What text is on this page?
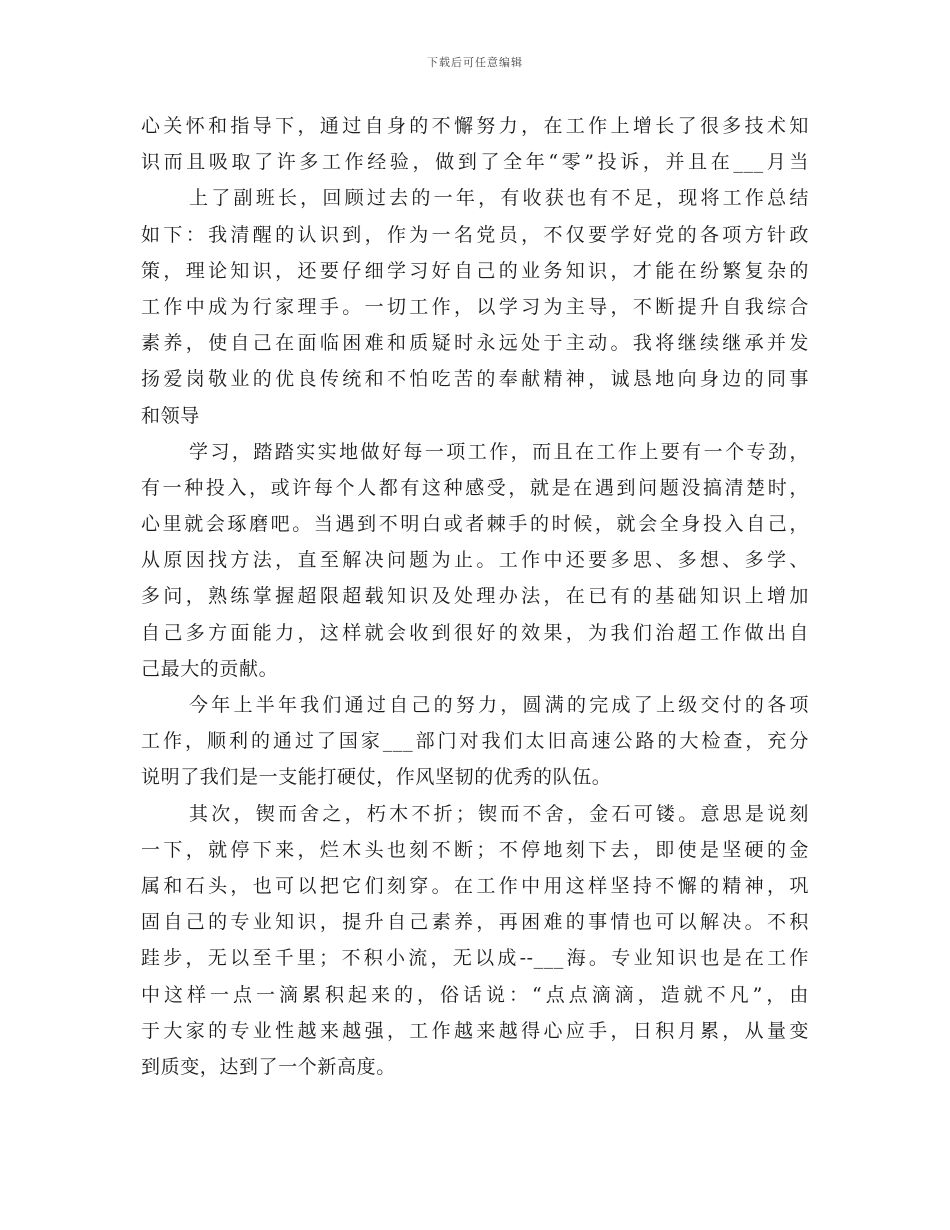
下载后可任意编辑
心关怀和指导下，通过自身的不懈努力，在工作上增长了很多技术知
识而且吸取了许多工作经验，做到了全年“零”投诉，并且在___月当
上了副班长，回顾过去的一年，有收获也有不足，现将工作总结
如下：我清醒的认识到，作为一名党员，不仅要学好党的各项方针政
策，理论知识，还要仔细学习好自己的业务知识，才能在纷繁复杂的
工作中成为行家理手。一切工作，以学习为主导，不断提升自我综合
素养，使自己在面临困难和质疑时永远处于主动。我将继续继承并发
扬爱岗敬业的优良传统和不怕吃苦的奉献精神，诚恳地向身边的同事
和领导
学习，踏踏实实地做好每一项工作，而且在工作上要有一个专劲，
有一种投入，或许每个人都有这种感受，就是在遇到问题没搞清楚时，
心里就会琢磨吧。当遇到不明白或者棘手的时候，就会全身投入自己，
从原因找方法，直至解决问题为止。工作中还要多思、多想、多学、
多问，熟练掌握超限超载知识及处理办法，在已有的基础知识上增加
自己多方面能力，这样就会收到很好的效果，为我们治超工作做出自
己最大的贡献。
今年上半年我们通过自己的努力，圆满的完成了上级交付的各项
工作，顺利的通过了国家___部门对我们太旧高速公路的大检查，充分
说明了我们是一支能打硬仗，作风坚韧的优秀的队伍。
其次，锲而舍之，朽木不折；锲而不舍，金石可镂。意思是说刻
一下，就停下来，烂木头也刻不断；不停地刻下去，即使是坚硬的金
属和石头，也可以把它们刻穿。在工作中用这样坚持不懈的精神，巩
固自己的专业知识，提升自己素养，再困难的事情也可以解决。不积
跬步，无以至千里；不积小流，无以成--___海。专业知识也是在工作
中这样一点一滴累积起来的，俗话说：“点点滴滴，造就不凡”，由
于大家的专业性越来越强，工作越来越得心应手，日积月累，从量变
到质变，达到了一个新高度。
